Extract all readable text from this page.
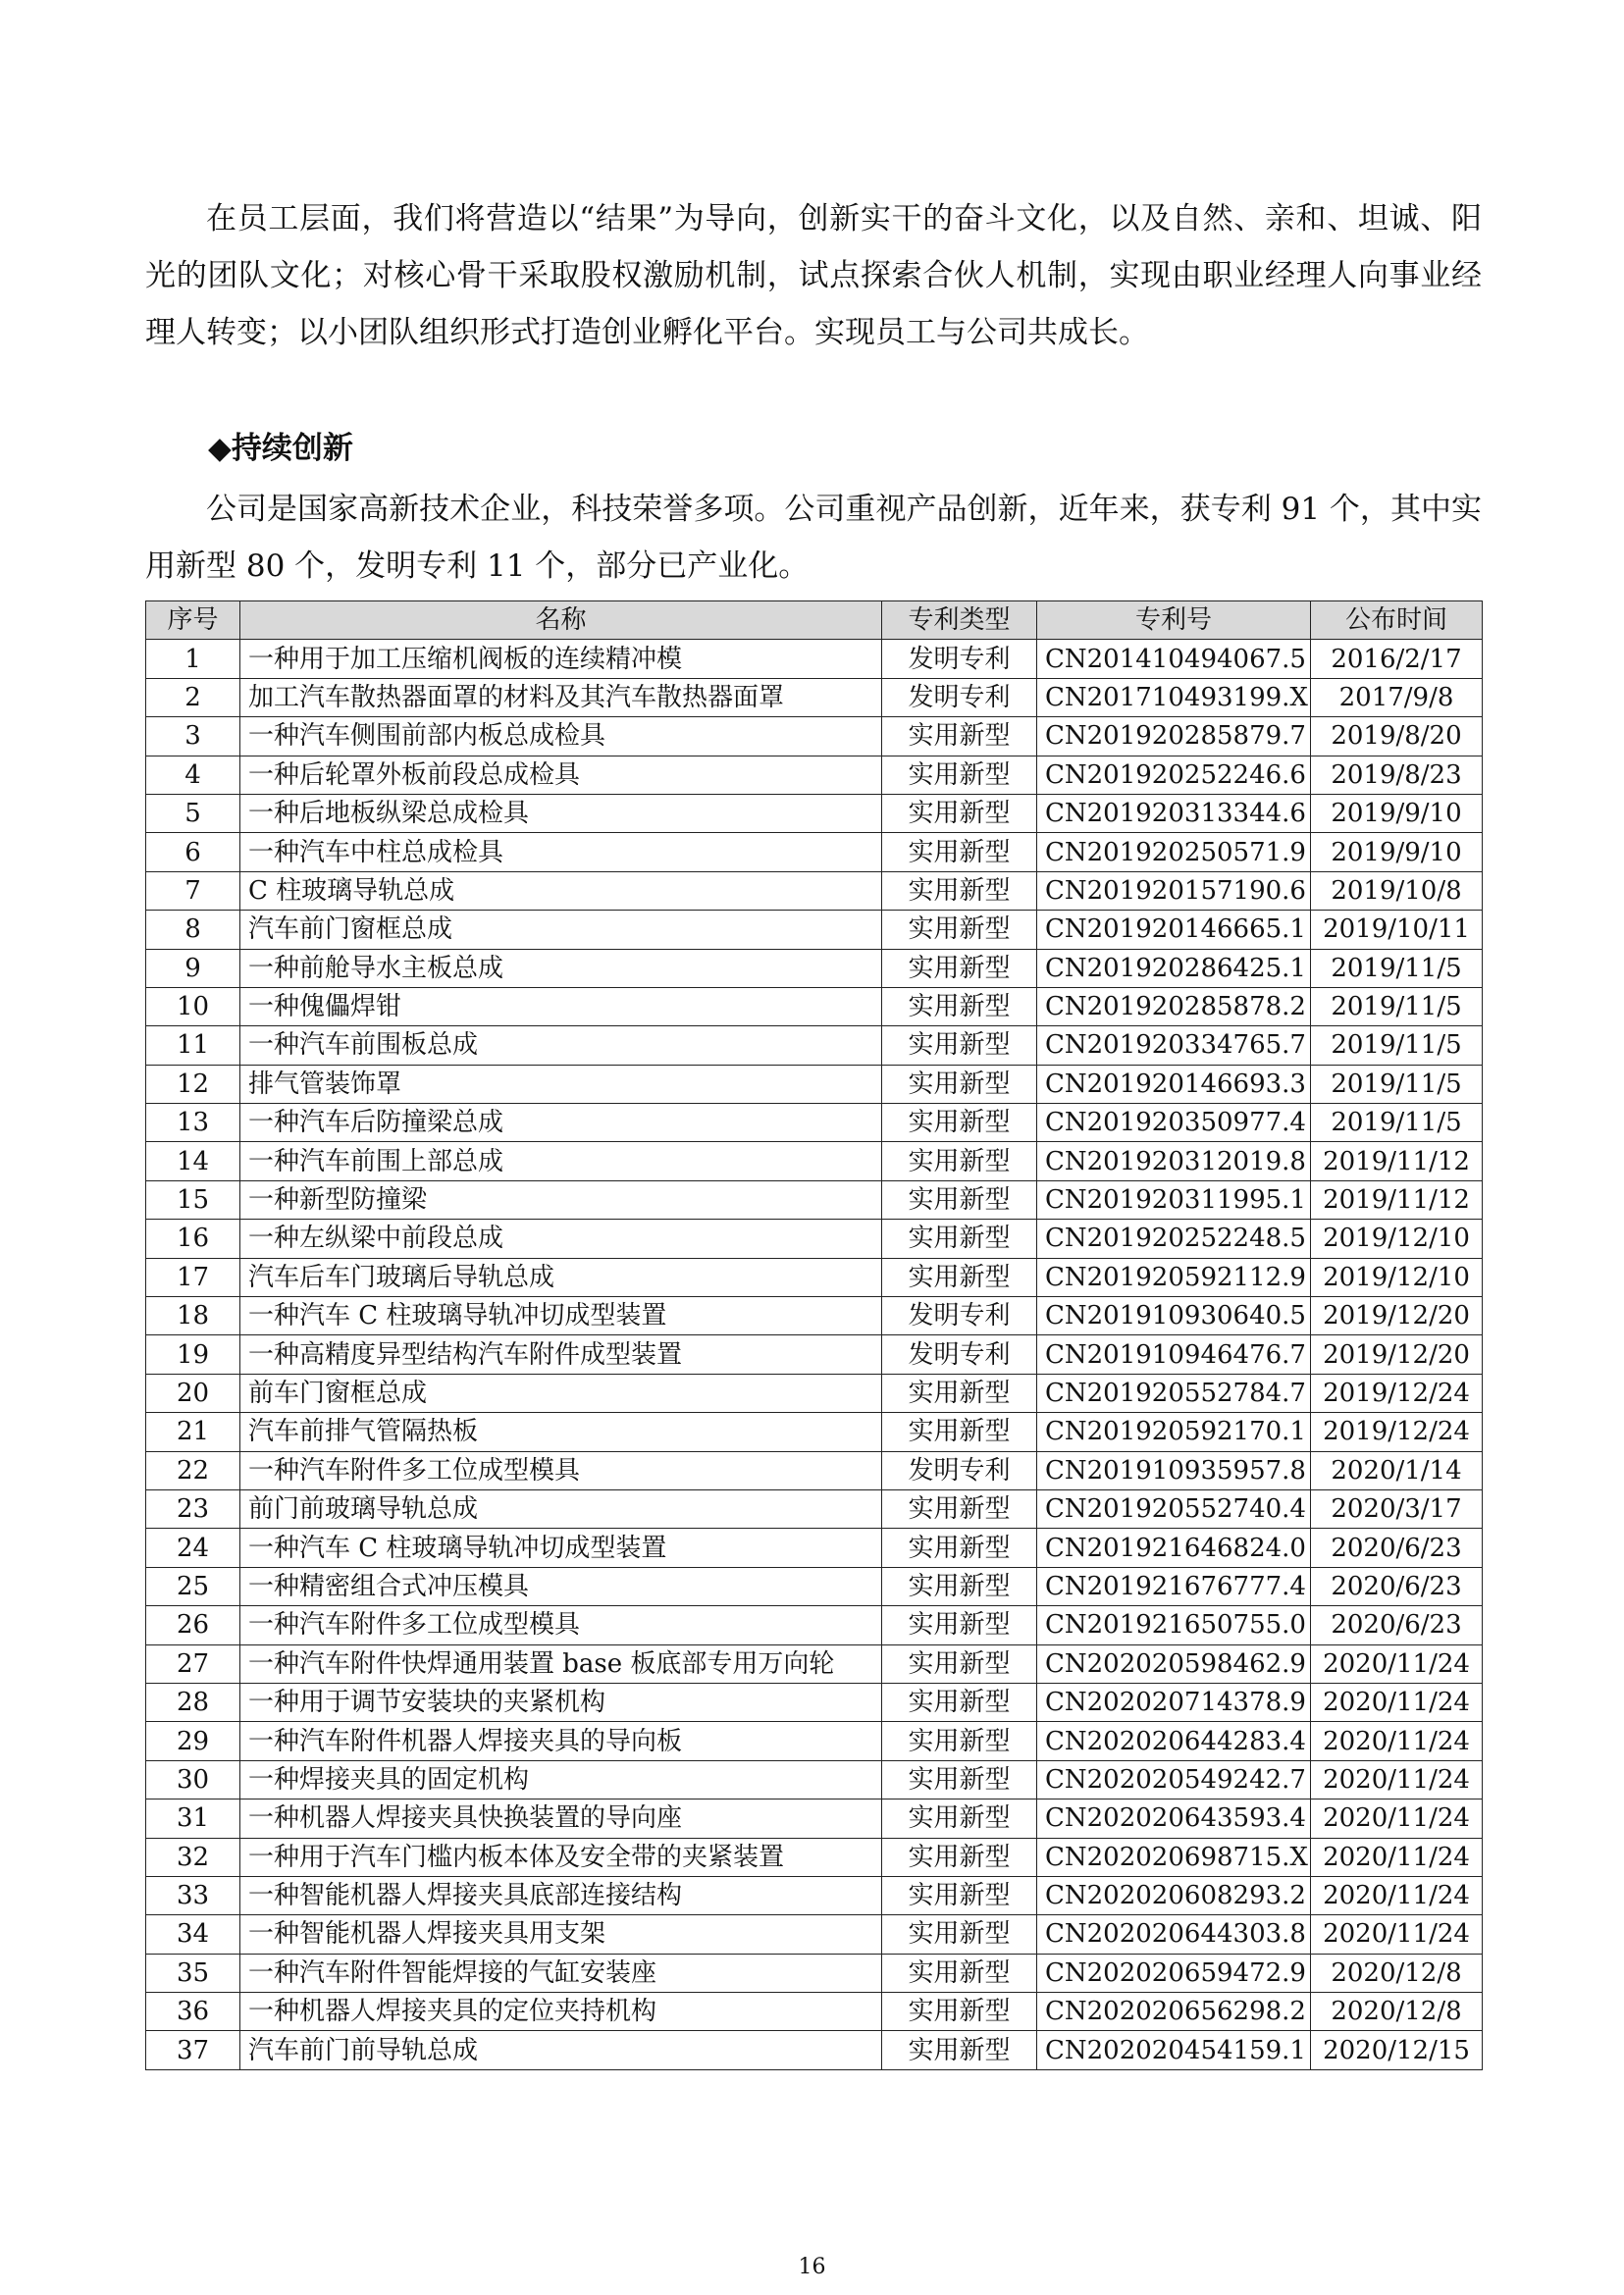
在员工层面，我们将营造以“结果”为导向，创新实干的奋斗文化，以及自然、亲和、坦诚、阳光的团队文化；对核心骨干采取股权激励机制，试点探索合伙人机制，实现由职业经理人向事业经理人转变；以小团队组织形式打造创业孵化平台。实现员工与公司共成长。
◆持续创新
公司是国家高新技术企业，科技荣誉多项。公司重视产品创新，近年来，获专利 91 个，其中实用新型 80 个，发明专利 11 个，部分已产业化。
序号	名称	专利类型	专利号	公布时间
1	一种用于加工压缩机阀板的连续精冲模	发明专利	CN201410494067.5	2016/2/17
2	加工汽车散热器面罩的材料及其汽车散热器面罩	发明专利	CN201710493199.X	2017/9/8
3	一种汽车侧围前部内板总成检具	实用新型	CN201920285879.7	2019/8/20
4	一种后轮罩外板前段总成检具	实用新型	CN201920252246.6	2019/8/23
5	一种后地板纵梁总成检具	实用新型	CN201920313344.6	2019/9/10
6	一种汽车中柱总成检具	实用新型	CN201920250571.9	2019/9/10
7	C 柱玻璃导轨总成	实用新型	CN201920157190.6	2019/10/8
8	汽车前门窗框总成	实用新型	CN201920146665.1	2019/10/11
9	一种前舱导水主板总成	实用新型	CN201920286425.1	2019/11/5
10	一种傀儡焊钳	实用新型	CN201920285878.2	2019/11/5
11	一种汽车前围板总成	实用新型	CN201920334765.7	2019/11/5
12	排气管装饰罩	实用新型	CN201920146693.3	2019/11/5
13	一种汽车后防撞梁总成	实用新型	CN201920350977.4	2019/11/5
14	一种汽车前围上部总成	实用新型	CN201920312019.8	2019/11/12
15	一种新型防撞梁	实用新型	CN201920311995.1	2019/11/12
16	一种左纵梁中前段总成	实用新型	CN201920252248.5	2019/12/10
17	汽车后车门玻璃后导轨总成	实用新型	CN201920592112.9	2019/12/10
18	一种汽车 C 柱玻璃导轨冲切成型装置	发明专利	CN201910930640.5	2019/12/20
19	一种高精度异型结构汽车附件成型装置	发明专利	CN201910946476.7	2019/12/20
20	前车门窗框总成	实用新型	CN201920552784.7	2019/12/24
21	汽车前排气管隔热板	实用新型	CN201920592170.1	2019/12/24
22	一种汽车附件多工位成型模具	发明专利	CN201910935957.8	2020/1/14
23	前门前玻璃导轨总成	实用新型	CN201920552740.4	2020/3/17
24	一种汽车 C 柱玻璃导轨冲切成型装置	实用新型	CN201921646824.0	2020/6/23
25	一种精密组合式冲压模具	实用新型	CN201921676777.4	2020/6/23
26	一种汽车附件多工位成型模具	实用新型	CN201921650755.0	2020/6/23
27	一种汽车附件快焊通用装置 base 板底部专用万向轮	实用新型	CN202020598462.9	2020/11/24
28	一种用于调节安装块的夹紧机构	实用新型	CN202020714378.9	2020/11/24
29	一种汽车附件机器人焊接夹具的导向板	实用新型	CN202020644283.4	2020/11/24
30	一种焊接夹具的固定机构	实用新型	CN202020549242.7	2020/11/24
31	一种机器人焊接夹具快换装置的导向座	实用新型	CN202020643593.4	2020/11/24
32	一种用于汽车门槛内板本体及安全带的夹紧装置	实用新型	CN202020698715.X	2020/11/24
33	一种智能机器人焊接夹具底部连接结构	实用新型	CN202020608293.2	2020/11/24
34	一种智能机器人焊接夹具用支架	实用新型	CN202020644303.8	2020/11/24
35	一种汽车附件智能焊接的气缸安装座	实用新型	CN202020659472.9	2020/12/8
36	一种机器人焊接夹具的定位夹持机构	实用新型	CN202020656298.2	2020/12/8
37	汽车前门前导轨总成	实用新型	CN202020454159.1	2020/12/15
16
